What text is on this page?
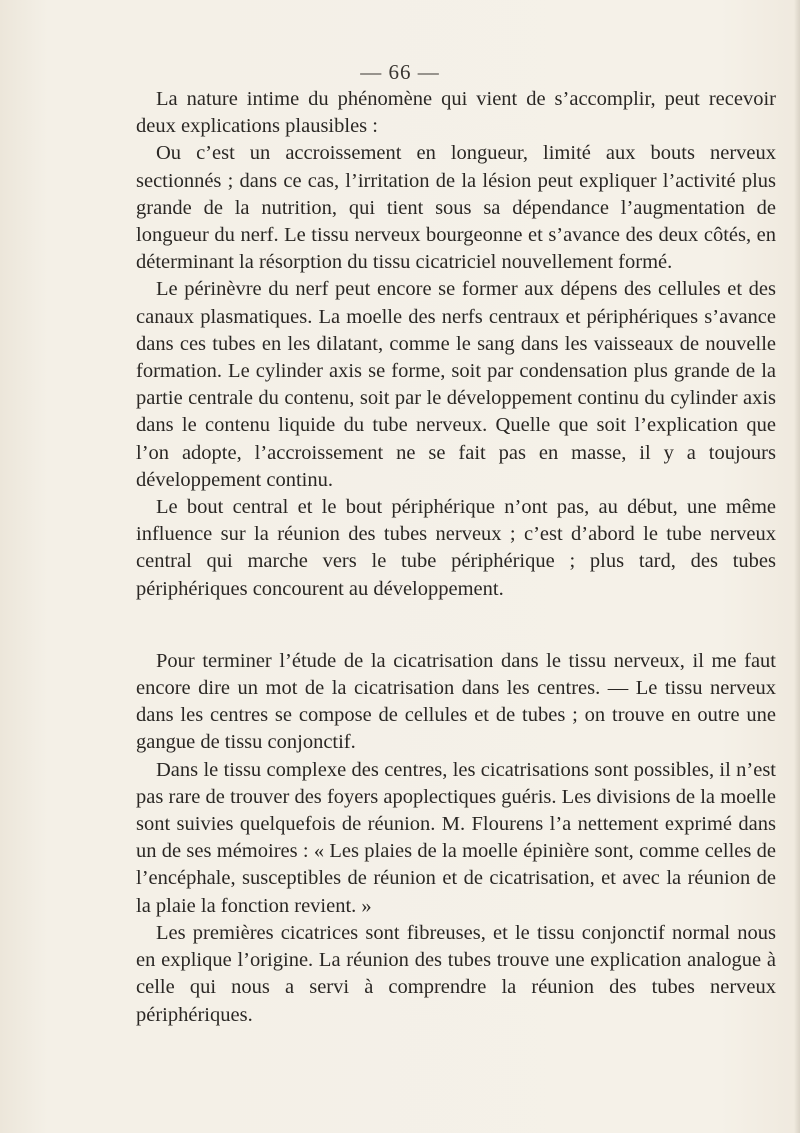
— 66 —

La nature intime du phénomène qui vient de s’accomplir, peut recevoir deux explications plausibles :

Ou c’est un accroissement en longueur, limité aux bouts nerveux sectionnés ; dans ce cas, l’irritation de la lésion peut expliquer l’activité plus grande de la nutrition, qui tient sous sa dépendance l’augmentation de longueur du nerf. Le tissu nerveux bourgeonne et s’avance des deux côtés, en déterminant la résorption du tissu cicatriciel nouvellement formé.

Le périnèvre du nerf peut encore se former aux dépens des cellules et des canaux plasmatiques. La moelle des nerfs centraux et périphériques s’avance dans ces tubes en les dilatant, comme le sang dans les vaisseaux de nouvelle formation. Le cylinder axis se forme, soit par condensation plus grande de la partie centrale du contenu, soit par le développement continu du cylinder axis dans le contenu liquide du tube nerveux. Quelle que soit l’explication que l’on adopte, l’accroissement ne se fait pas en masse, il y a toujours développement continu.

Le bout central et le bout périphérique n’ont pas, au début, une même influence sur la réunion des tubes nerveux ; c’est d’abord le tube nerveux central qui marche vers le tube périphérique ; plus tard, des tubes périphériques concourent au développement.

Pour terminer l’étude de la cicatrisation dans le tissu nerveux, il me faut encore dire un mot de la cicatrisation dans les centres. — Le tissu nerveux dans les centres se compose de cellules et de tubes ; on trouve en outre une gangue de tissu conjonctif.

Dans le tissu complexe des centres, les cicatrisations sont possibles, il n’est pas rare de trouver des foyers apoplectiques guéris. Les divisions de la moelle sont suivies quelquefois de réunion. M. Flourens l’a nettement exprimé dans un de ses mémoires : « Les plaies de la moelle épinière sont, comme celles de l’encéphale, susceptibles de réunion et de cicatrisation, et avec la réunion de la plaie la fonction revient. »

Les premières cicatrices sont fibreuses, et le tissu conjonctif normal nous en explique l’origine. La réunion des tubes trouve une explication analogue à celle qui nous a servi à comprendre la réunion des tubes nerveux périphériques.
